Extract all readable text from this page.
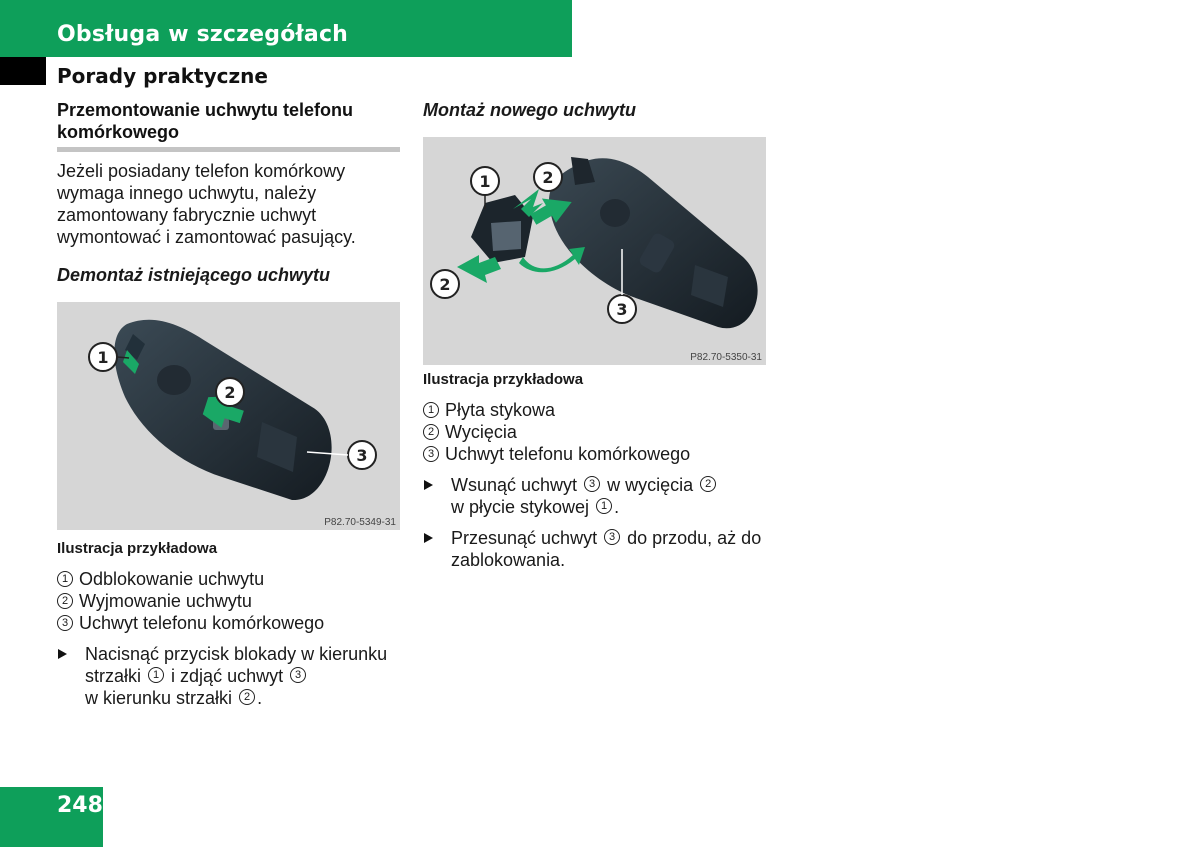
Obsługa w szczegółach
Porady praktyczne
Przemontowanie uchwytu telefonu komórkowego
Jeżeli posiadany telefon komórkowy wymaga innego uchwytu, należy zamontowany fabrycznie uchwyt wymontować i zamontować pasujący.
Demontaż istniejącego uchwytu
1
2
3
P82.70-5349-31
Ilustracja przykładowa
1 Odblokowanie uchwytu
2 Wyjmowanie uchwytu
3 Uchwyt telefonu komórkowego
Nacisnąć przycisk blokady w kierunku strzałki 1 i zdjąć uchwyt 3
w kierunku strzałki 2 .
Montaż nowego uchwytu
1	2
2
3
P82.70-5350-31
Ilustracja przykładowa
1 Płyta stykowa
2 Wycięcia
3 Uchwyt telefonu komórkowego
Wsunąć uchwyt 3 w wycięcia 2
w płycie stykowej 1 .
Przesunąć uchwyt 3 do przodu, aż do zablokowania.
248
